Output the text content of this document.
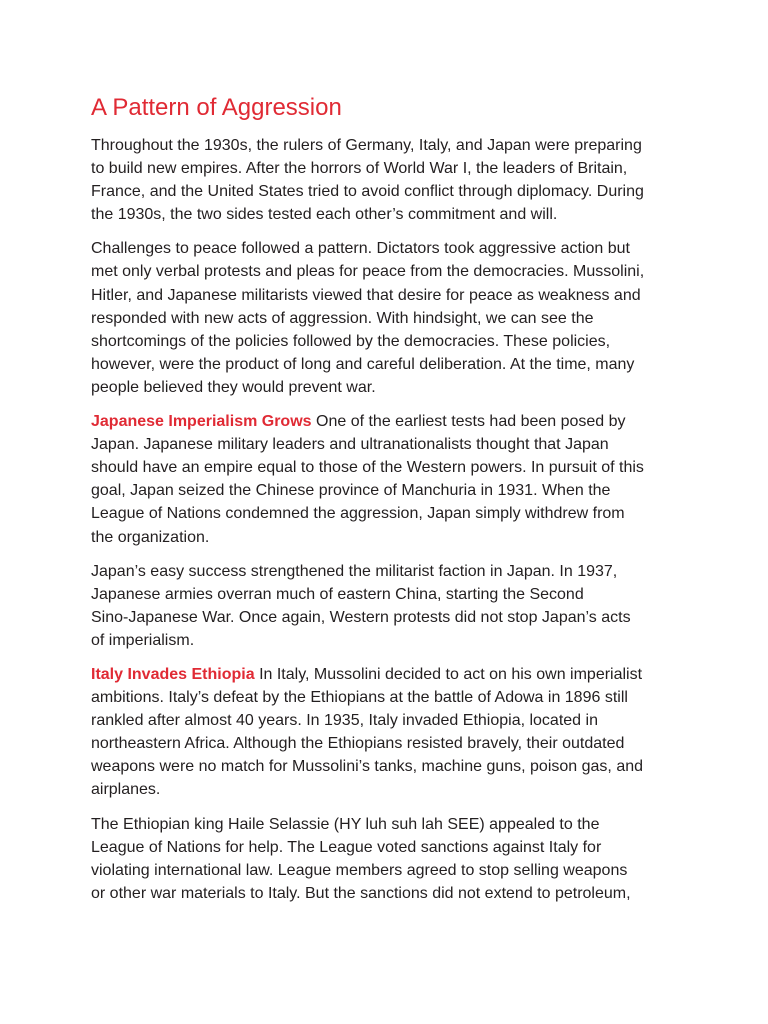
A Pattern of Aggression

Throughout the 1930s, the rulers of Germany, Italy, and Japan were preparing
to build new empires. After the horrors of World War I, the leaders of Britain,
France, and the United States tried to avoid conflict through diplomacy. During
the 1930s, the two sides tested each other’s commitment and will.

Challenges to peace followed a pattern. Dictators took aggressive action but
met only verbal protests and pleas for peace from the democracies. Mussolini,
Hitler, and Japanese militarists viewed that desire for peace as weakness and
responded with new acts of aggression. With hindsight, we can see the
shortcomings of the policies followed by the democracies. These policies,
however, were the product of long and careful deliberation. At the time, many
people believed they would prevent war.

Japanese Imperialism Grows One of the earliest tests had been posed by
Japan. Japanese military leaders and ultranationalists thought that Japan
should have an empire equal to those of the Western powers. In pursuit of this
goal, Japan seized the Chinese province of Manchuria in 1931. When the
League of Nations condemned the aggression, Japan simply withdrew from
the organization.

Japan’s easy success strengthened the militarist faction in Japan. In 1937,
Japanese armies overran much of eastern China, starting the Second
Sino-Japanese War. Once again, Western protests did not stop Japan’s acts
of imperialism.

Italy Invades Ethiopia In Italy, Mussolini decided to act on his own imperialist
ambitions. Italy’s defeat by the Ethiopians at the battle of Adowa in 1896 still
rankled after almost 40 years. In 1935, Italy invaded Ethiopia, located in
northeastern Africa. Although the Ethiopians resisted bravely, their outdated
weapons were no match for Mussolini’s tanks, machine guns, poison gas, and
airplanes.

The Ethiopian king Haile Selassie (HY luh suh lah SEE) appealed to the
League of Nations for help. The League voted sanctions against Italy for
violating international law. League members agreed to stop selling weapons
or other war materials to Italy. But the sanctions did not extend to petroleum,
